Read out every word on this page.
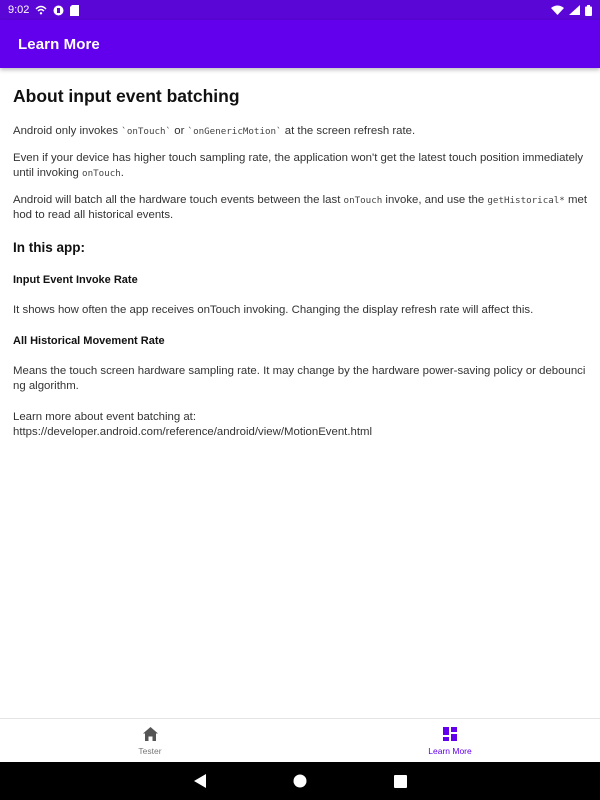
9:02
Learn More
About input event batching

Android only invokes `onTouch` or `onGenericMotion` at the screen refresh rate.

Even if your device has higher touch sampling rate, the application won't get the latest touch position immediately until invoking onTouch.

Android will batch all the hardware touch events between the last onTouch invoke, and use the getHistorical* method to read all historical events.

In this app:
Input Event Invoke Rate

It shows how often the app receives onTouch invoking. Changing the display refresh rate will affect this.

All Historical Movement Rate

Means the touch screen hardware sampling rate. It may change by the hardware power-saving policy or debouncing algorithm.

Learn more about event batching at:
https://developer.android.com/reference/android/view/MotionEvent.html

Tester	Learn More
